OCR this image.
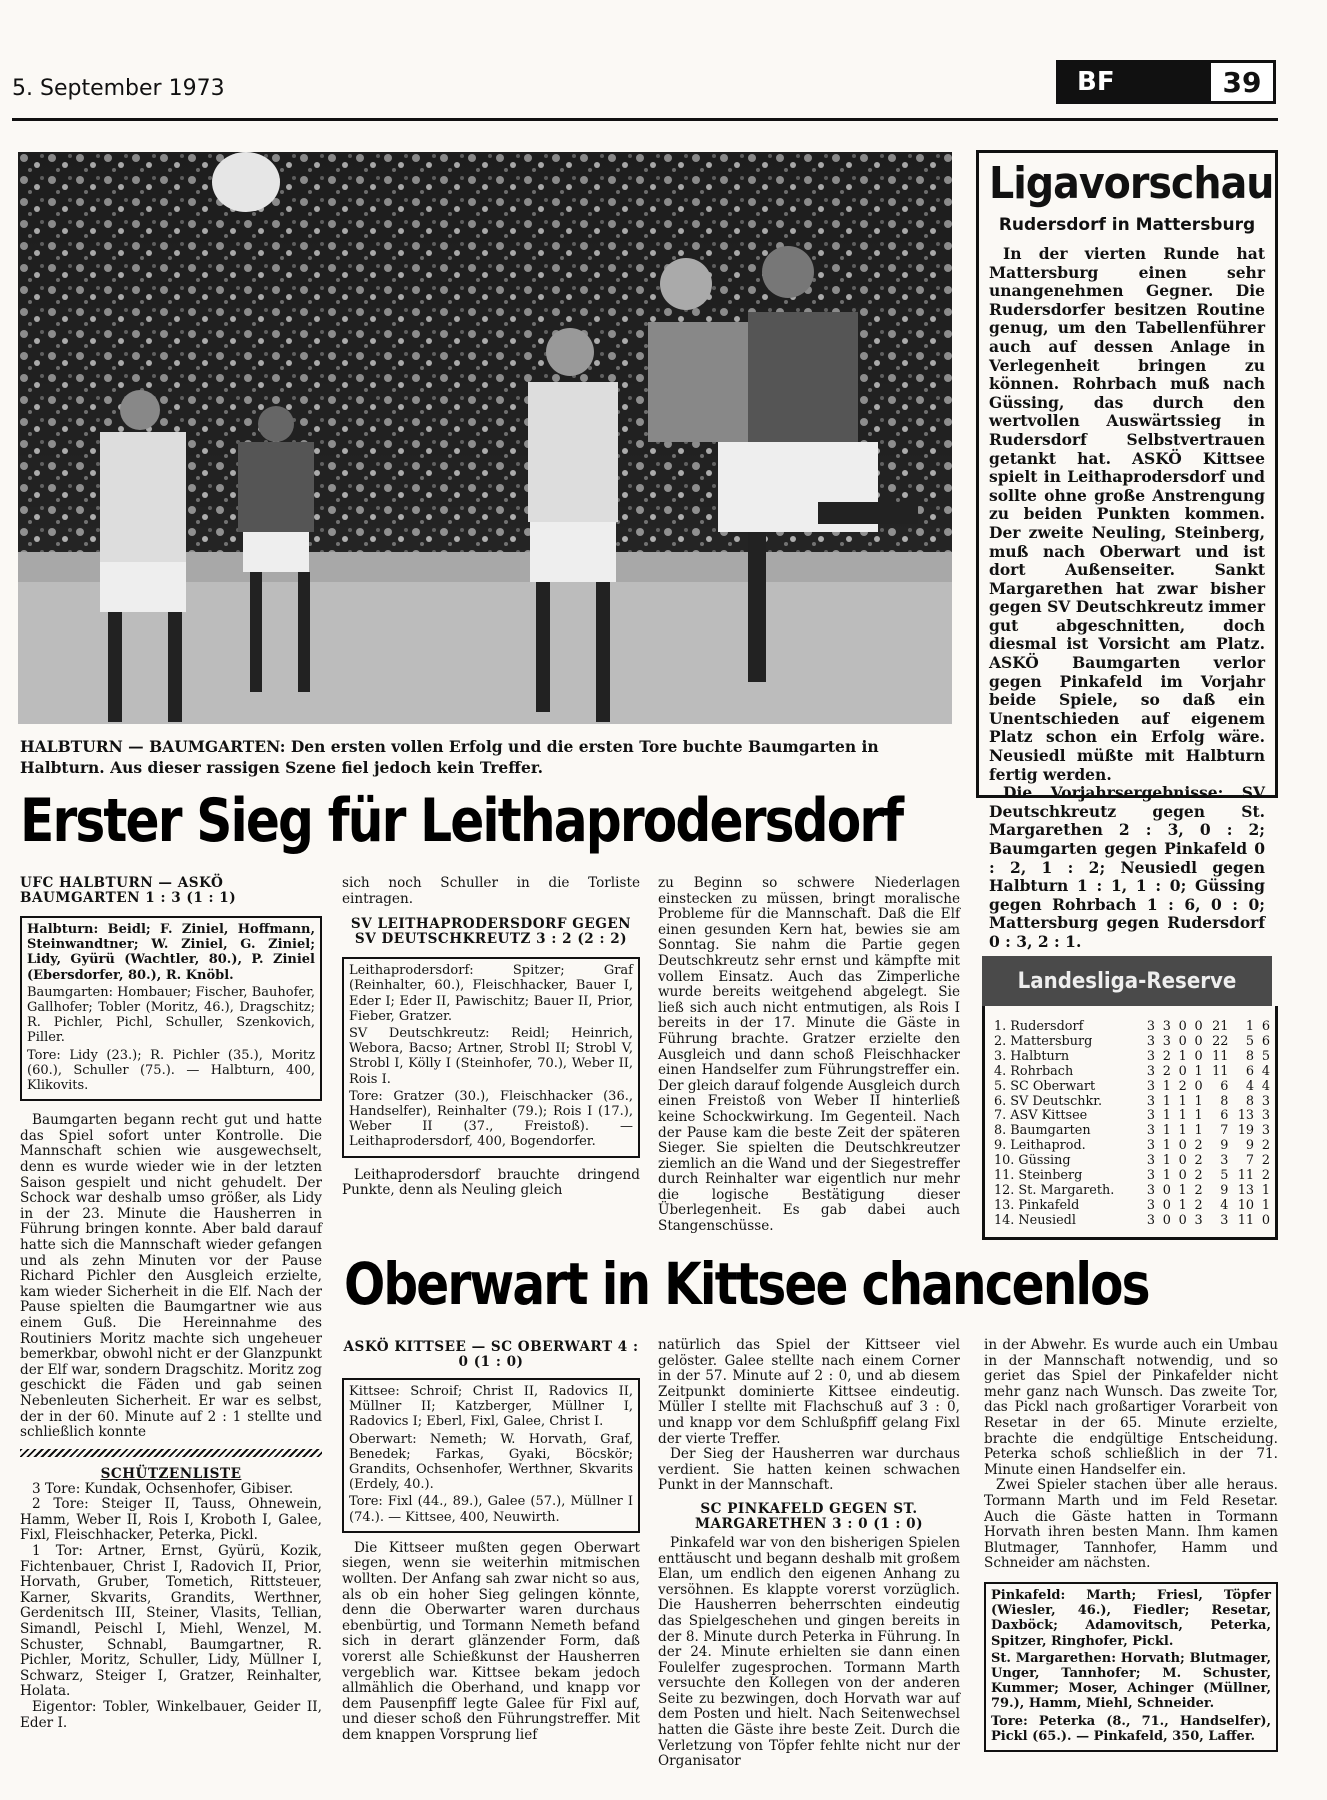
5. September 1973	BF	39
HALBTURN — BAUMGARTEN: Den ersten vollen Erfolg und die ersten Tore buchte Baumgarten in Halbturn. Aus dieser rassigen Szene fiel jedoch kein Treffer.
Erster Sieg für Leithaprodersdorf
UFC HALBTURN — ASKÖ BAUMGARTEN 1 : 3 (1 : 1)

Halbturn: Beidl; F. Ziniel, Hoffmann, Steinwandtner; W. Ziniel, G. Ziniel; Lidy, Gyürü (Wachtler, 80.), P. Ziniel (Ebersdorfer, 80.), R. Knöbl.

Baumgarten: Hombauer; Fischer, Bauhofer, Gallhofer; Tobler (Moritz, 46.), Dragschitz; R. Pichler, Pichl, Schuller, Szenkovich, Piller.

Tore: Lidy (23.); R. Pichler (35.), Moritz (60.), Schuller (75.). — Halbturn, 400, Klikovits.

Baumgarten begann recht gut und hatte das Spiel sofort unter Kontrolle. Die Mannschaft schien wie ausgewechselt, denn es wurde wieder wie in der letzten Saison gespielt und nicht gehudelt. Der Schock war deshalb umso größer, als Lidy in der 23. Minute die Hausherren in Führung bringen konnte. Aber bald darauf hatte sich die Mannschaft wieder gefangen und als zehn Minuten vor der Pause Richard Pichler den Ausgleich erzielte, kam wieder Sicherheit in die Elf. Nach der Pause spielten die Baumgartner wie aus einem Guß. Die Hereinnahme des Routiniers Moritz machte sich ungeheuer bemerkbar, obwohl nicht er der Glanzpunkt der Elf war, sondern Dragschitz. Moritz zog geschickt die Fäden und gab seinen Nebenleuten Sicherheit. Er war es selbst, der in der 60. Minute auf 2 : 1 stellte und schließlich konnte

SCHÜTZENLISTE

3 Tore: Kundak, Ochsenhofer, Gibiser.

2 Tore: Steiger II, Tauss, Ohnewein, Hamm, Weber II, Rois I, Kroboth I, Galee, Fixl, Fleischhacker, Peterka, Pickl.

1 Tor: Artner, Ernst, Gyürü, Kozik, Fichtenbauer, Christ I, Radovich II, Prior, Horvath, Gruber, Tometich, Rittsteuer, Karner, Skvarits, Grandits, Werthner, Gerdenitsch III, Steiner, Vlasits, Tellian, Simandl, Peischl I, Miehl, Wenzel, M. Schuster, Schnabl, Baumgartner, R. Pichler, Moritz, Schuller, Lidy, Müllner I, Schwarz, Steiger I, Gratzer, Reinhalter, Holata.

Eigentor: Tobler, Winkelbauer, Geider II, Eder I.

sich noch Schuller in die Torliste eintragen.

SV LEITHAPRODERSDORF GEGEN SV DEUTSCHKREUTZ 3 : 2 (2 : 2)

Leithaprodersdorf: Spitzer; Graf (Reinhalter, 60.), Fleischhacker, Bauer I, Eder I; Eder II, Pawischitz; Bauer II, Prior, Fieber, Gratzer.

SV Deutschkreutz: Reidl; Heinrich, Webora, Bacso; Artner, Strobl II; Strobl V, Strobl I, Kölly I (Steinhofer, 70.), Weber II, Rois I.

Tore: Gratzer (30.), Fleischhacker (36., Handselfer), Reinhalter (79.); Rois I (17.), Weber II (37., Freistoß). — Leithaprodersdorf, 400, Bogendorfer.

Leithaprodersdorf brauchte dringend Punkte, denn als Neuling gleich

zu Beginn so schwere Niederlagen einstecken zu müssen, bringt moralische Probleme für die Mannschaft. Daß die Elf einen gesunden Kern hat, bewies sie am Sonntag. Sie nahm die Partie gegen Deutschkreutz sehr ernst und kämpfte mit vollem Einsatz. Auch das Zimperliche wurde bereits weitgehend abgelegt. Sie ließ sich auch nicht entmutigen, als Rois I bereits in der 17. Minute die Gäste in Führung brachte. Gratzer erzielte den Ausgleich und dann schoß Fleischhacker einen Handselfer zum Führungstreffer ein. Der gleich darauf folgende Ausgleich durch einen Freistoß von Weber II hinterließ keine Schockwirkung. Im Gegenteil. Nach der Pause kam die beste Zeit der späteren Sieger. Sie spielten die Deutschkreutzer ziemlich an die Wand und der Siegestreffer durch Reinhalter war eigentlich nur mehr die logische Bestätigung dieser Überlegenheit. Es gab dabei auch Stangenschüsse.

Oberwart in Kittsee chancenlos
ASKÖ KITTSEE — SC OBERWART 4 : 0 (1 : 0)

Kittsee: Schroif; Christ II, Radovics II, Müllner II; Katzberger, Müllner I, Radovics I; Eberl, Fixl, Galee, Christ I.

Oberwart: Nemeth; W. Horvath, Graf, Benedek; Farkas, Gyaki, Böcskör; Grandits, Ochsenhofer, Werthner, Skvarits (Erdely, 40.).

Tore: Fixl (44., 89.), Galee (57.), Müllner I (74.). — Kittsee, 400, Neuwirth.

Die Kittseer mußten gegen Oberwart siegen, wenn sie weiterhin mitmischen wollten. Der Anfang sah zwar nicht so aus, als ob ein hoher Sieg gelingen könnte, denn die Oberwarter waren durchaus ebenbürtig, und Tormann Nemeth befand sich in derart glänzender Form, daß vorerst alle Schießkunst der Hausherren vergeblich war. Kittsee bekam jedoch allmählich die Oberhand, und knapp vor dem Pausenpfiff legte Galee für Fixl auf, und dieser schoß den Führungstreffer. Mit dem knappen Vorsprung lief

natürlich das Spiel der Kittseer viel gelöster. Galee stellte nach einem Corner in der 57. Minute auf 2 : 0, und ab diesem Zeitpunkt dominierte Kittsee eindeutig. Müller I stellte mit Flachschuß auf 3 : 0, und knapp vor dem Schlußpfiff gelang Fixl der vierte Treffer.

Der Sieg der Hausherren war durchaus verdient. Sie hatten keinen schwachen Punkt in der Mannschaft.

SC PINKAFELD GEGEN ST. MARGARETHEN 3 : 0 (1 : 0)

Pinkafeld war von den bisherigen Spielen enttäuscht und begann deshalb mit großem Elan, um endlich den eigenen Anhang zu versöhnen. Es klappte vorerst vorzüglich. Die Hausherren beherrschten eindeutig das Spielgeschehen und gingen bereits in der 8. Minute durch Peterka in Führung. In der 24. Minute erhielten sie dann einen Foulelfer zugesprochen. Tormann Marth versuchte den Kollegen von der anderen Seite zu bezwingen, doch Horvath war auf dem Posten und hielt. Nach Seitenwechsel hatten die Gäste ihre beste Zeit. Durch die Verletzung von Töpfer fehlte nicht nur der Organisator

in der Abwehr. Es wurde auch ein Umbau in der Mannschaft notwendig, und so geriet das Spiel der Pinkafelder nicht mehr ganz nach Wunsch. Das zweite Tor, das Pickl nach großartiger Vorarbeit von Resetar in der 65. Minute erzielte, brachte die endgültige Entscheidung. Peterka schoß schließlich in der 71. Minute einen Handselfer ein.

Zwei Spieler stachen über alle heraus. Tormann Marth und im Feld Resetar. Auch die Gäste hatten in Tormann Horvath ihren besten Mann. Ihm kamen Blutmager, Tannhofer, Hamm und Schneider am nächsten.

Pinkafeld: Marth; Friesl, Töpfer (Wiesler, 46.), Fiedler; Resetar, Daxböck; Adamovitsch, Peterka, Spitzer, Ringhofer, Pickl.

St. Margarethen: Horvath; Blutmager, Unger, Tannhofer; M. Schuster, Kummer; Moser, Achinger (Müllner, 79.), Hamm, Miehl, Schneider.

Tore: Peterka (8., 71., Handselfer), Pickl (65.). — Pinkafeld, 350, Laffer.

Ligavorschau
Rudersdorf in Mattersburg

In der vierten Runde hat Mattersburg einen sehr unangenehmen Gegner. Die Rudersdorfer besitzen Routine genug, um den Tabellenführer auch auf dessen Anlage in Verlegenheit bringen zu können. Rohrbach muß nach Güssing, das durch den wertvollen Auswärtssieg in Rudersdorf Selbstvertrauen getankt hat. ASKÖ Kittsee spielt in Leithaprodersdorf und sollte ohne große Anstrengung zu beiden Punkten kommen. Der zweite Neuling, Steinberg, muß nach Oberwart und ist dort Außenseiter. Sankt Margarethen hat zwar bisher gegen SV Deutschkreutz immer gut abgeschnitten, doch diesmal ist Vorsicht am Platz. ASKÖ Baumgarten verlor gegen Pinkafeld im Vorjahr beide Spiele, so daß ein Unentschieden auf eigenem Platz schon ein Erfolg wäre. Neusiedl müßte mit Halbturn fertig werden.

Die Vorjahrsergebnisse: SV Deutschkreutz gegen St. Margarethen 2 : 3, 0 : 2; Baumgarten gegen Pinkafeld 0 : 2, 1 : 2; Neusiedl gegen Halbturn 1 : 1, 1 : 0; Güssing gegen Rohrbach 1 : 6, 0 : 0; Mattersburg gegen Rudersdorf 0 : 3, 2 : 1.

Landesliga-Reserve
1. Rudersdorf	3	3	0	0	21	1	6
2. Mattersburg	3	3	0	0	22	5	6
3. Halbturn	3	2	1	0	11	8	5
4. Rohrbach	3	2	0	1	11	6	4
5. SC Oberwart	3	1	2	0	6	4	4
6. SV Deutschkr.	3	1	1	1	8	8	3
7. ASV Kittsee	3	1	1	1	6	13	3
8. Baumgarten	3	1	1	1	7	19	3
9. Leithaprod.	3	1	0	2	9	9	2
10. Güssing	3	1	0	2	3	7	2
11. Steinberg	3	1	0	2	5	11	2
12. St. Margareth.	3	0	1	2	9	13	1
13. Pinkafeld	3	0	1	2	4	10	1
14. Neusiedl	3	0	0	3	3	11	0
